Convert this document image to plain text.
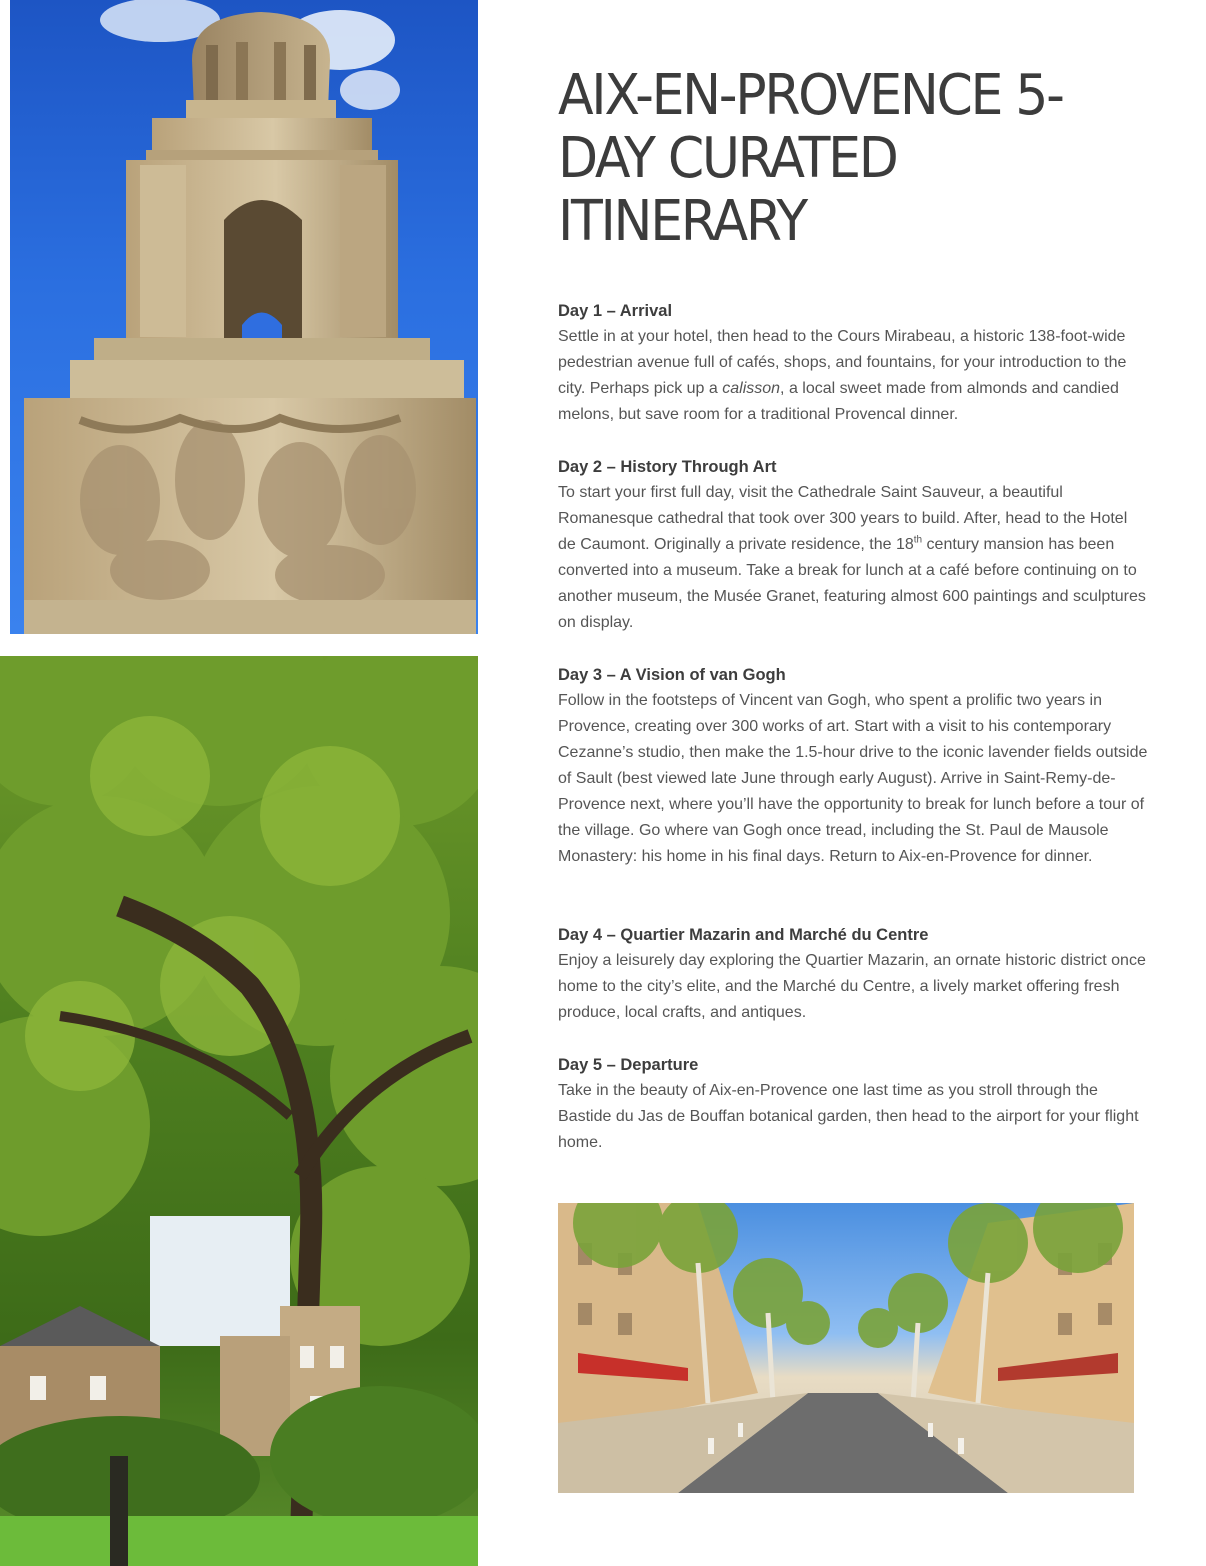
AIX-EN-PROVENCE 5-DAY CURATED ITINERARY
Day 1 – Arrival

Settle in at your hotel, then head to the Cours Mirabeau, a historic 138-foot-wide pedestrian avenue full of cafés, shops, and fountains, for your introduction to the city. Perhaps pick up a calisson, a local sweet made from almonds and candied melons, but save room for a traditional Provencal dinner.

Day 2 – History Through Art

To start your first full day, visit the Cathedrale Saint Sauveur, a beautiful Romanesque cathedral that took over 300 years to build. After, head to the Hotel de Caumont. Originally a private residence, the 18th century mansion has been converted into a museum. Take a break for lunch at a café before continuing on to another museum, the Musée Granet, featuring almost 600 paintings and sculptures on display.

Day 3 – A Vision of van Gogh

Follow in the footsteps of Vincent van Gogh, who spent a prolific two years in Provence, creating over 300 works of art. Start with a visit to his contemporary Cezanne’s studio, then make the 1.5-hour drive to the iconic lavender fields outside of Sault (best viewed late June through early August). Arrive in Saint-Remy-de-Provence next, where you’ll have the opportunity to break for lunch before a tour of the village. Go where van Gogh once tread, including the St. Paul de Mausole Monastery: his home in his final days. Return to Aix-en-Provence for dinner.

Day 4 – Quartier Mazarin and Marché du Centre

Enjoy a leisurely day exploring the Quartier Mazarin, an ornate historic district once home to the city’s elite, and the Marché du Centre, a lively market offering fresh produce, local crafts, and antiques.

Day 5 – Departure

Take in the beauty of Aix-en-Provence one last time as you stroll through the Bastide du Jas de Bouffan botanical garden, then head to the airport for your flight home.
